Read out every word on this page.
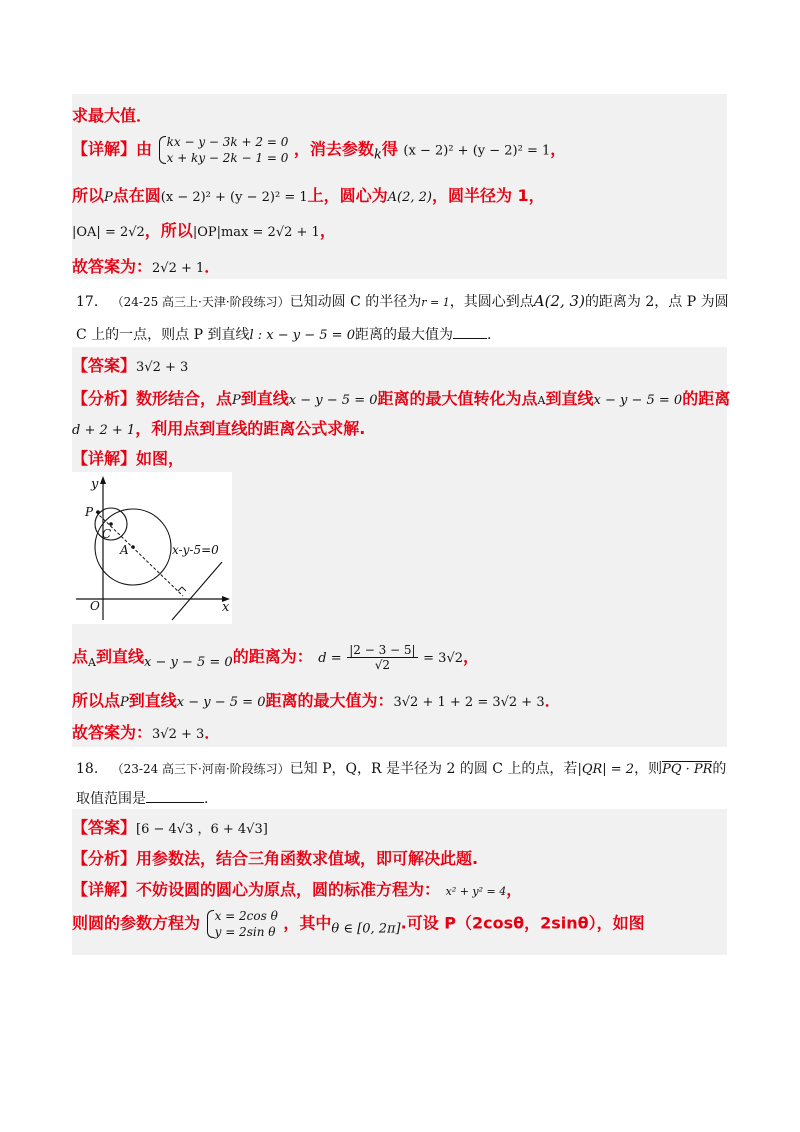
求最大值．
【详解】由 kx − y − 3k + 2 = 0
x + ky − 2k − 1 = 0 ，消去参数$_k$得 (x − 2)² + (y − 2)² = 1，
所以P点在圆(x − 2)² + (y − 2)² = 1上，圆心为A(2, 2)，圆半径为 1，
|OA| = 2√2，所以|OP|max = 2√2 + 1，
故答案为：2√2 + 1．
17. （24-25 高三上·天津·阶段练习）已知动圆 C 的半径为r = 1，其圆心到点A(2, 3)的距离为 2，点 P 为圆
C 上的一点，则点 P 到直线l : x − y − 5 = 0距离的最大值为 .
【答案】3√2 + 3
【分析】数形结合，点P到直线x − y − 5 = 0距离的最大值转化为点A到直线x − y − 5 = 0的距离
d + 2 + 1，利用点到直线的距离公式求解.
【详解】如图，
y
x
O
P
C
A	x-y-5=0
点$_A$到直线$_{x - y - 5 = 0}$的距离为： $d = \frac{|2 - 3 - 5|}{√2} = 3√2$，
所以点P到直线x − y − 5 = 0距离的最大值为：3√2 + 1 + 2 = 3√2 + 3．
故答案为：3√2 + 3．
18. （23-24 高三下·河南·阶段练习）已知 P，Q，R 是半径为 2 的圆 C 上的点，若|QR| = 2，则PQ · PR的
取值范围是	.
【答案】[6 − 4√3 ，6 + 4√3]
【分析】用参数法，结合三角函数求值域，即可解决此题.
【详解】不妨设圆的圆心为原点，圆的标准方程为： x² + y² = 4，
则圆的参数方程为 x = 2cos θ
y = 2sin θ ，其中$_{\theta \in [0, 2\pi]}$.可设 P（2cosθ，2sinθ），如图
